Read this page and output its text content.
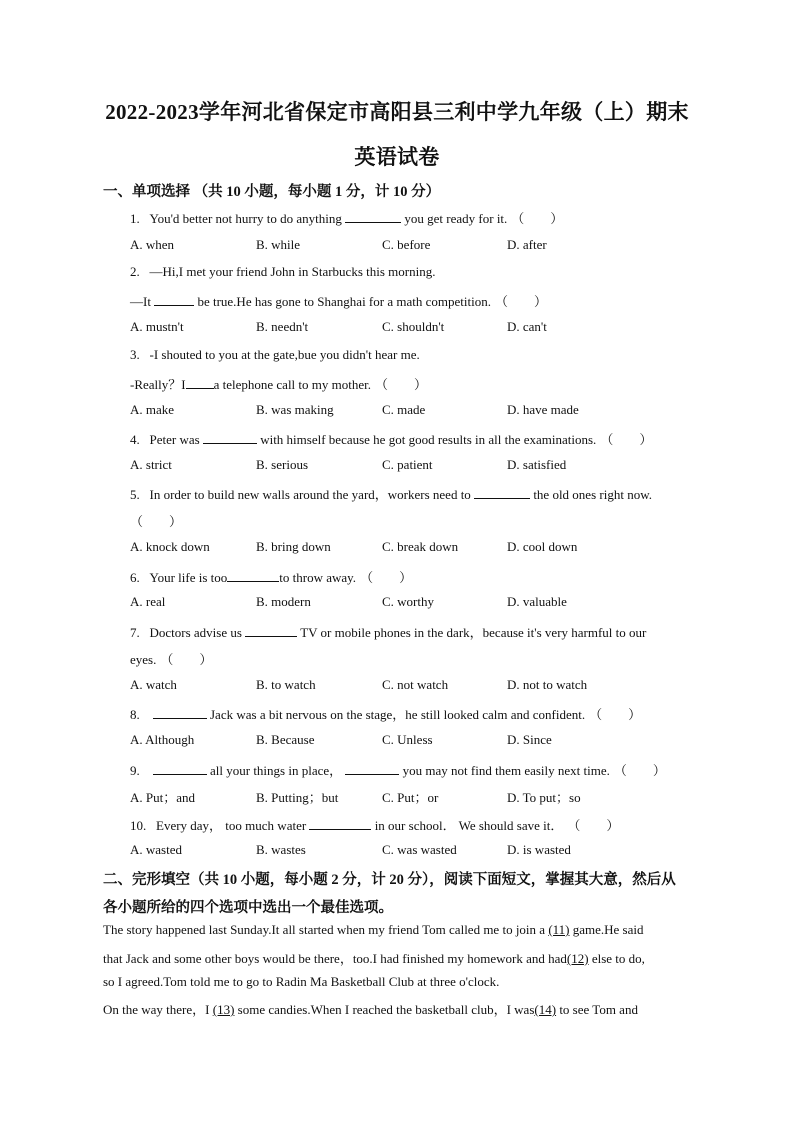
2022-2023学年河北省保定市高阳县三利中学九年级（上）期末
英语试卷
一、单项选择 （共 10 小题，每小题 1 分，计 10 分）
1. You'd better not hurry to do anything	you get ready for it. （　　）
A. when	B. while	C. before	D. after
2. —Hi,I met your friend John in Starbucks this morning.
—It	be true.He has gone to Shanghai for a math competition. （　　）
A. mustn't	B. needn't	C. shouldn't	D. can't
3. -I shouted to you at the gate,bue you didn't hear me.
-Really？I a telephone call to my mother. （　　）
A. make	B. was making	C. made	D. have made
4. Peter was	with himself because he got good results in all the examinations. （　　）
A. strict	B. serious	C. patient	D. satisfied
5. In order to build new walls around the yard，workers need to	the old ones right now.
（　　）
A. knock down	B. bring down	C. break down	D. cool down
6. Your life is too	to throw away. （　　）
A. real	B. modern	C. worthy	D. valuable
7. Doctors advise us	TV or mobile phones in the dark，because it's very harmful to our
eyes. （　　）
A. watch	B. to watch	C. not watch	D. not to watch
8.	Jack was a bit nervous on the stage，he still looked calm and confident. （　　）
A. Although	B. Because	C. Unless	D. Since
9.	all your things in place，	you may not find them easily next time. （　　）
A. Put；and	B. Putting；but	C. Put；or	D. To put；so
10. Every day， too much water	in our school． We should save it． （　　）
A. wasted	B. wastes	C. was wasted	D. is wasted
二、完形填空（共 10 小题，每小题 2 分，计 20 分），阅读下面短文，掌握其大意，然后从
各小题所给的四个选项中选出一个最佳选项。
The story happened last Sunday.It all started when my friend Tom called me to join a (11) game.He said
that Jack and some other boys would be there，too.I had finished my homework and had(12) else to do,
so I agreed.Tom told me to go to Radin Ma Basketball Club at three o'clock.
On the way there，I (13) some candies.When I reached the basketball club，I was(14) to see Tom and
